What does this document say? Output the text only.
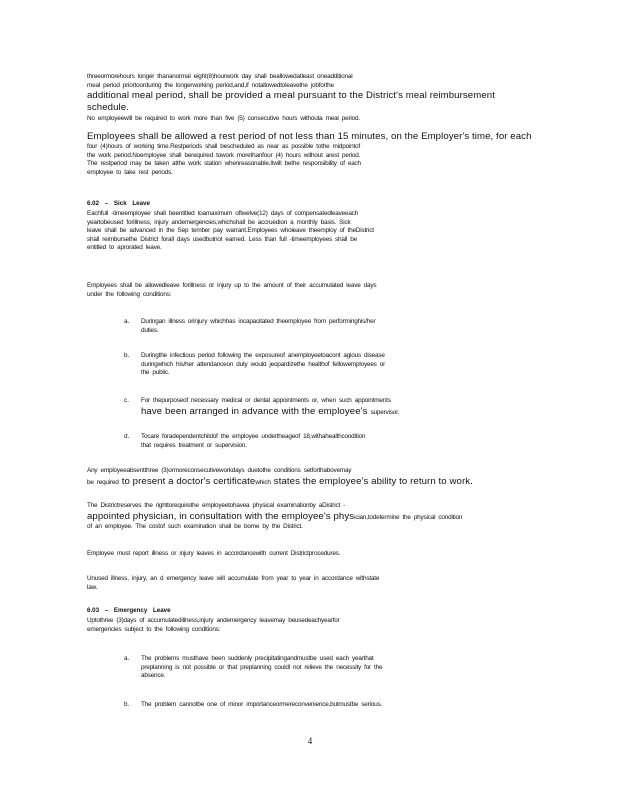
threeormorehours longer thananormal eight(8)hourwork day shall beallowedatleast oneadditional
meal period priortoorduring the longerworking period,and,if notallowedtoleavethe jobforthe
additional meal period, shall be provided a meal pursuant to the District's meal reimbursement schedule.
No employeewill be required to work more than five (5) consecutive hours withouta meal period.
Employees shall be allowed a rest period of not less than 15 minutes, on the Employer's time, for each
four (4)hours of working time.Restperiods shall bescheduled as near as possible tothe midpointof
the work period.Noemployee shall berequired towork morethanfour (4) hours without arest period.
The restperiod may be taken atthe work station whenreasonable.Itwill bethe responsibility of each
employee to take rest periods.
6.02 – Sick Leave
Eachfull -timeemployee shall beentitled toamaximum oftwelve(12) days of compensatedleaveeach
yeartobeused forillness, injury andemergencies,whichshall be accruedion a monthly basis. Sick
leave shall be advanced in the Sep tember pay warrant.Employees wholeave theemploy of theDistrict
shall reimbursethe District forall days usedbutnot earned. Less than full -timeemployees shall be
entitled to aprorated leave.
Employees shall be allowedleave forillness or injury up to the amount of their accumulated leave days
under the following conditions:
a. Duringan illness orinjury whichhas incapacitated theemployee from performinghis/her
duties.
b. Duringthe infectious period following the exposureof anemployeetoacont agious disease
duringwhich his/her attendanceon duty would jeopardizethe healthof fellowemployees or
the public.
c. For thepurposeof necessary medical or dental appointments or, when such appointments
have been arranged in advance with the employee's supervisor.
d. Tocare foradependentchildof the employee undertheageof 18,withahealthcondition
that requires treatment or supervision.
Any employeeabsentthree (3)ormoreconsecutiveworkdays duetothe conditions setforthabovemay
be required to present a doctor's certificatewhich states the employee's ability to return to work.
The Districtreserves the righttorequirethe employeetohavea physical examinationby aDistrict -
appointed physician, in consultation with the employee's physician,todetermine the physical condition
of an employee. The costof such examination shall be borne by the District.
Employee must report illness or injury leaves in accordancewith current Districtprocedures.
Unused illness, injury, an d emergency leave will accumulate from year to year in accordance withstate
law.
6.03 – Emergency Leave
Uptothree (3)days of accumulatedillness,injury andemergency leavemay beusedeachyearfor
emergencies subject to the following conditions:
a. The problems musthave been suddenly precipitatingandmustbe used each yearthat
preplanning is not possible or that preplanning couldl not relieve the necessity for the
absence.
b. The problem cannotbe one of minor importanceormereconvenience,butmustbe serious.
4
